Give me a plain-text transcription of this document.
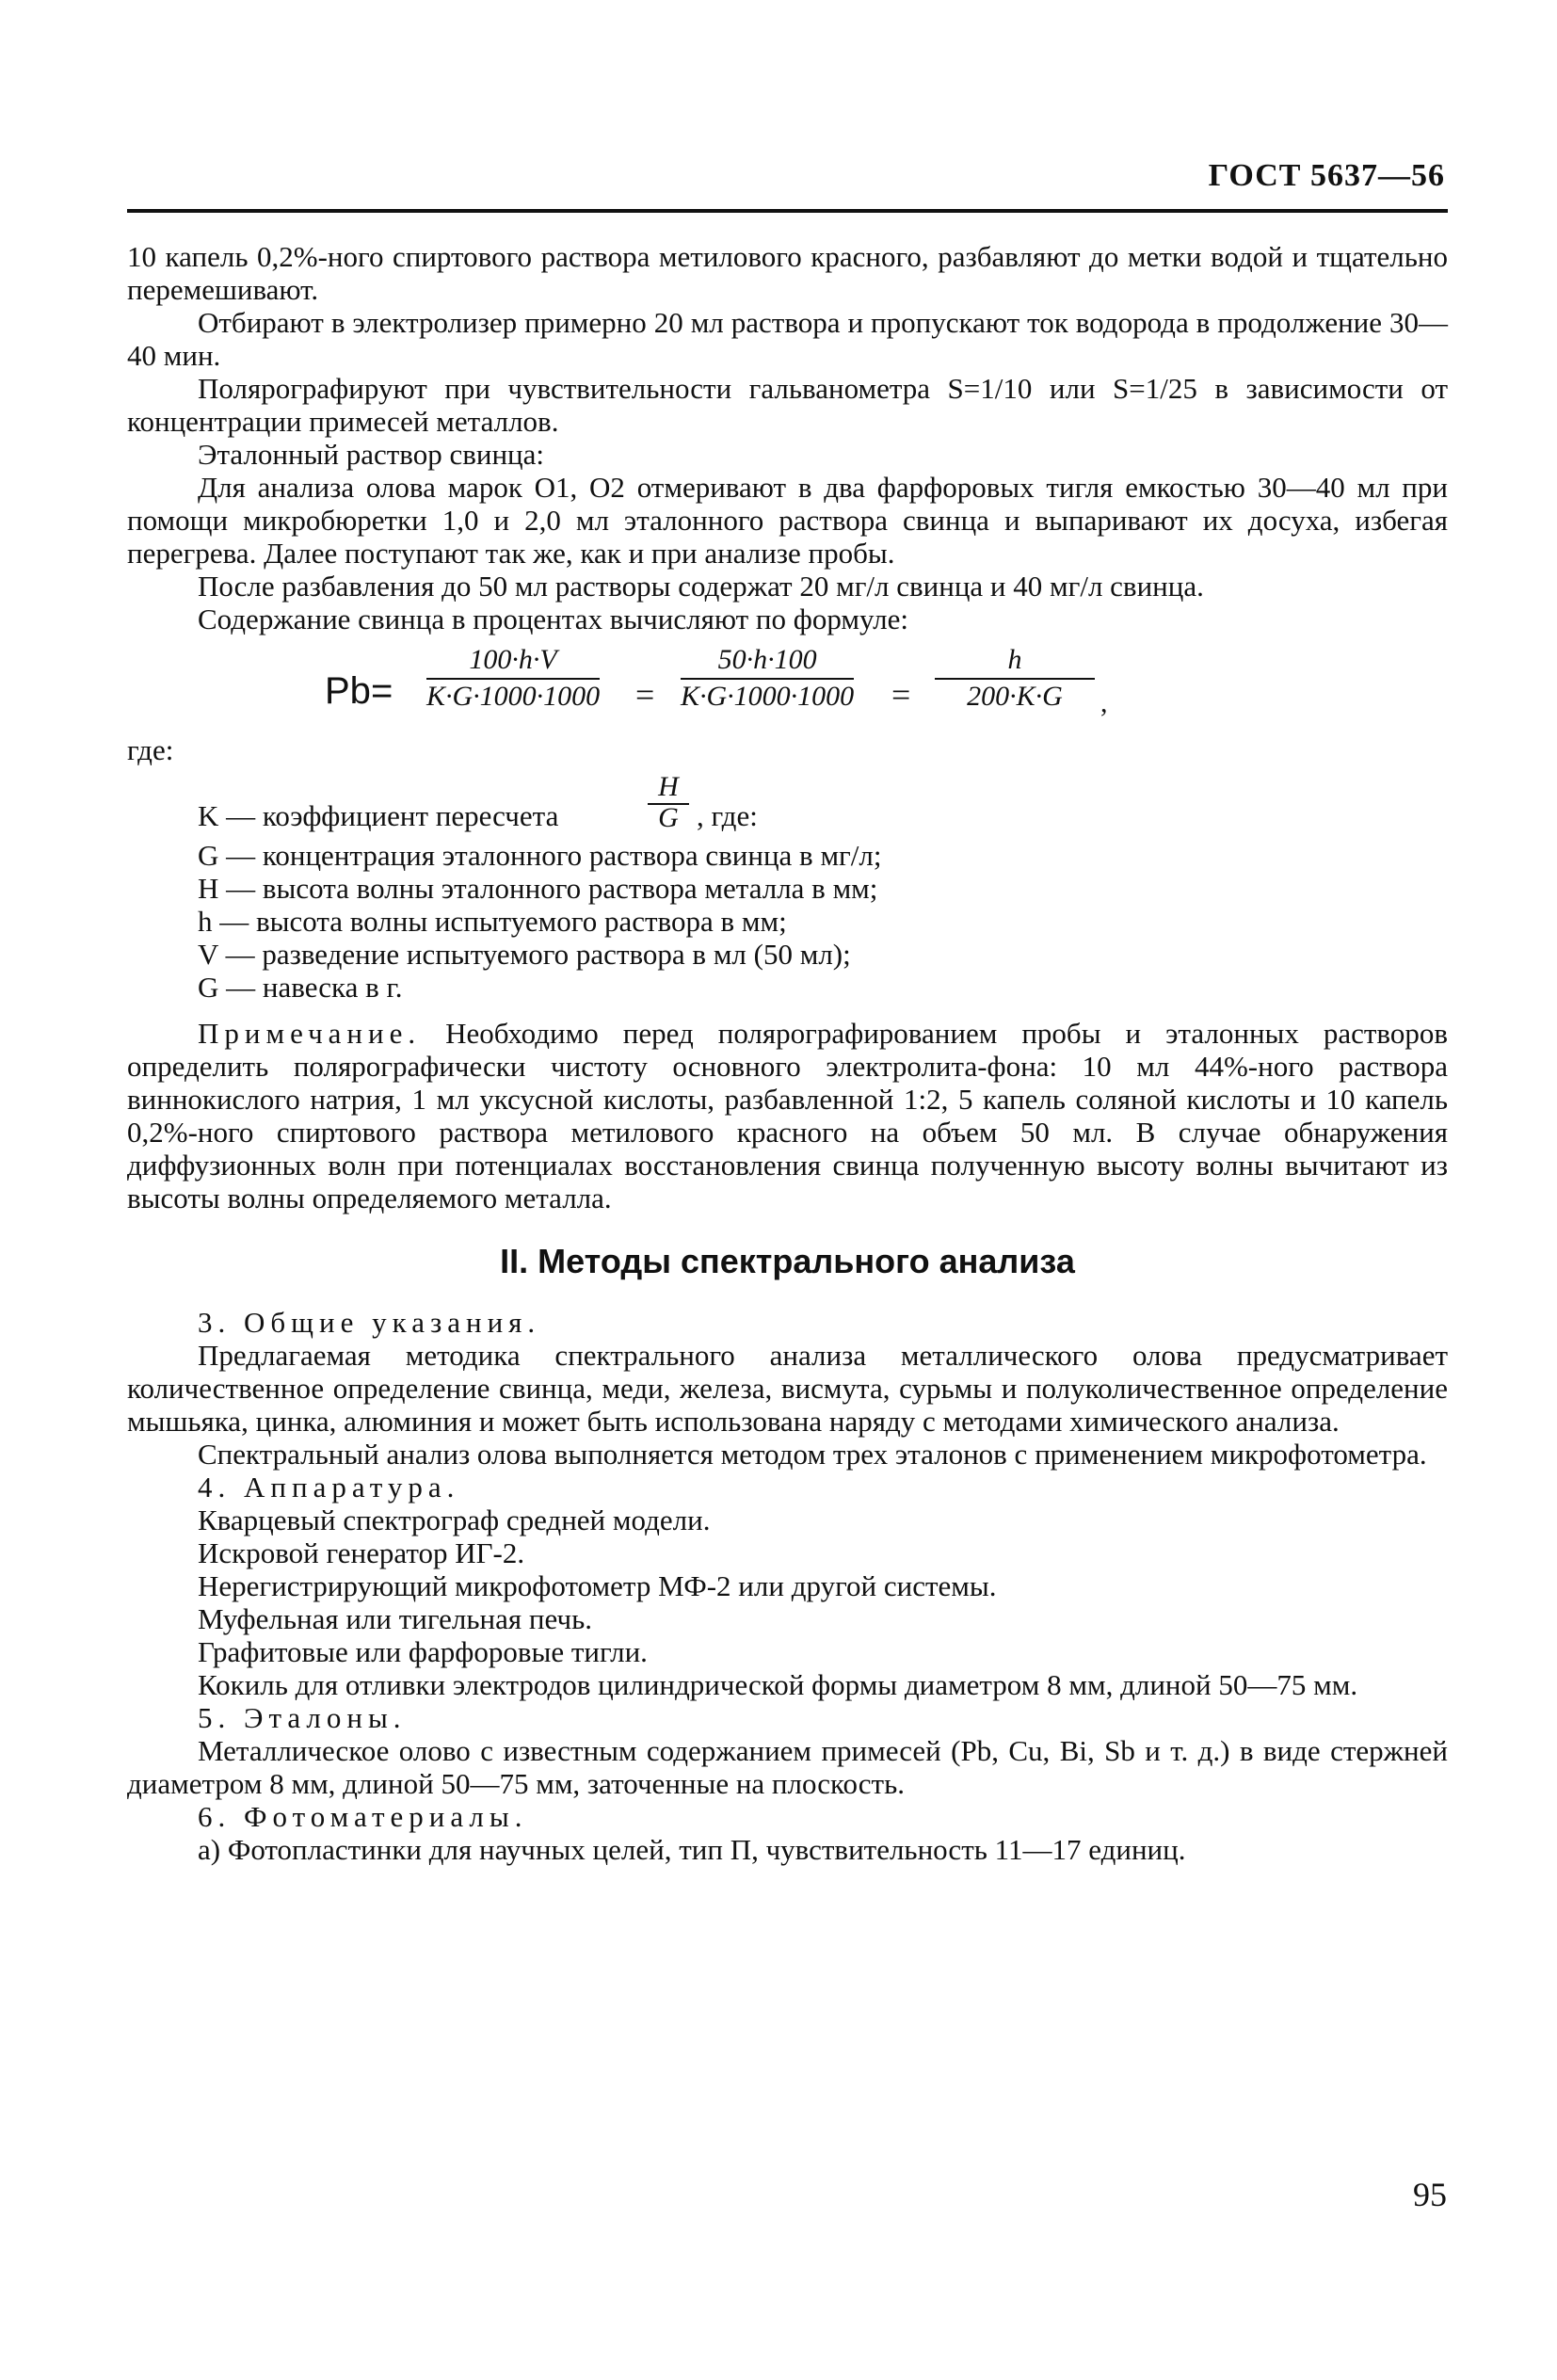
ГОСТ 5637—56

10 капель 0,2%-ного спиртового раствора метилового красного, разбавляют до метки водой и тщательно перемешивают.

Отбирают в электролизер примерно 20 мл раствора и пропускают ток водорода в продолжение 30—40 мин.

Полярографируют при чувствительности гальванометра S=1/10 или S=1/25 в зависимости от концентрации примесей металлов.

Эталонный раствор свинца:

Для анализа олова марок О1, О2 отмеривают в два фарфоровых тигля емкостью 30—40 мл при помощи микробюретки 1,0 и 2,0 мл эталонного раствора свинца и выпаривают их досуха, избегая перегрева. Далее поступают так же, как и при анализе пробы.

После разбавления до 50 мл растворы содержат 20 мг/л свинца и 40 мг/л свинца.

Содержание свинца в процентах вычисляют по формуле:

$Pb= \frac{100\cdot h\cdot V}{K\cdot G\cdot 1000\cdot 1000} = \frac{50\cdot h\cdot 100}{K\cdot G\cdot 1000\cdot 1000} = \frac{h}{200\cdot K\cdot G}$ ,
где:
K — коэффициент пересчета	$\frac{H}{G}$ , где:

G — концентрация эталонного раствора свинца в мг/л;

H — высота волны эталонного раствора металла в мм;

h — высота волны испытуемого раствора в мм;

V — разведение испытуемого раствора в мл (50 мл);

G — навеска в г.

Примечание. Необходимо перед полярографированием пробы и эталонных растворов определить полярографически чистоту основного электролита-фона: 10 мл 44%-ного раствора виннокислого натрия, 1 мл уксусной кислоты, разбавленной 1:2, 5 капель соляной кислоты и 10 капель 0,2%-ного спиртового раствора метилового красного на объем 50 мл. В случае обнаружения диффузионных волн при потенциалах восстановления свинца полученную высоту волны вычитают из высоты волны определяемого металла.

II. Методы спектрального анализа

3. Общие указания.

Предлагаемая методика спектрального анализа металлического олова предусматривает количественное определение свинца, меди, железа, висмута, сурьмы и полуколичественное определение мышьяка, цинка, алюминия и может быть использована наряду с методами химического анализа.

Спектральный анализ олова выполняется методом трех эталонов с применением микрофотометра.

4. Аппаратура.

Кварцевый спектрограф средней модели.

Искровой генератор ИГ-2.

Нерегистрирующий микрофотометр МФ-2 или другой системы.

Муфельная или тигельная печь.

Графитовые или фарфоровые тигли.

Кокиль для отливки электродов цилиндрической формы диаметром 8 мм, длиной 50—75 мм.

5. Эталоны.

Металлическое олово с известным содержанием примесей (Pb, Cu, Bi, Sb и т. д.) в виде стержней диаметром 8 мм, длиной 50—75 мм, заточенные на плоскость.

6. Фотоматериалы.

а) Фотопластинки для научных целей, тип П, чувствительность 11—17 единиц.

95
